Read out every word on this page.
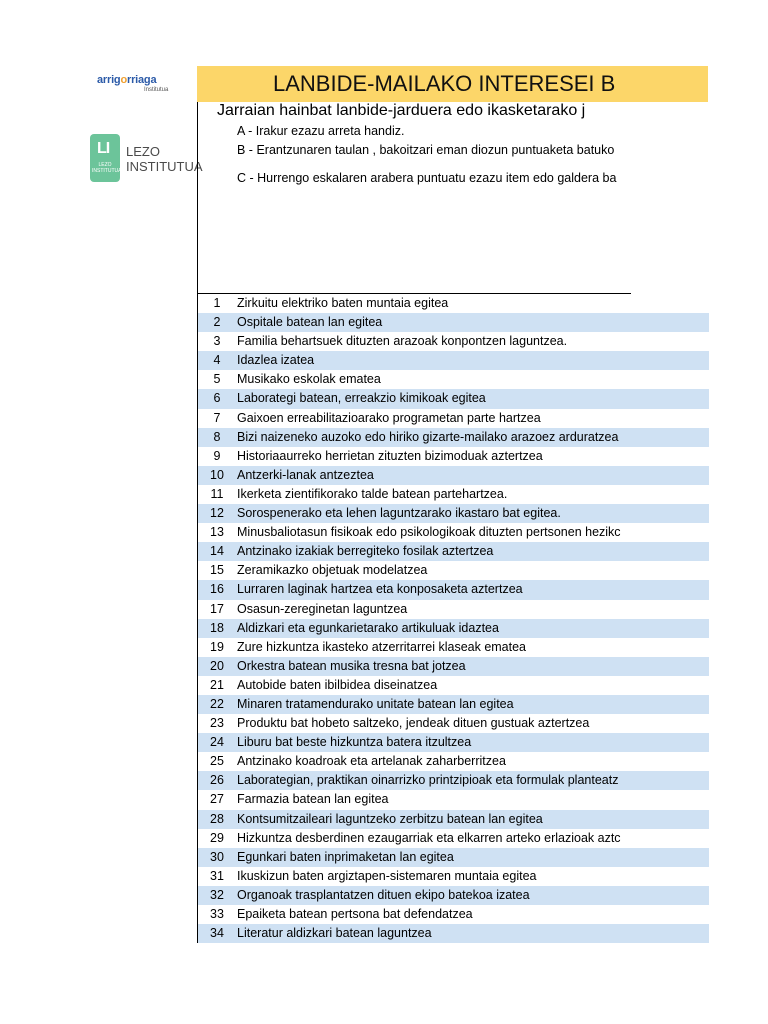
arrigorriaga
Institutua
LI
LEZO INSTITUTUA
LEZO
INSTITUTUA
LANBIDE-MAILAKO INTERESEI B
Jarraian hainbat lanbide-jarduera edo ikasketarako j
A - Irakur ezazu arreta handiz.
B - Erantzunaren taulan , bakoitzari eman diozun puntuaketa batuko
C - Hurrengo eskalaren arabera puntuatu ezazu item edo galdera ba
1	Zirkuitu elektriko baten muntaia egitea
2	Ospitale batean lan egitea
3	Familia behartsuek dituzten arazoak konpontzen laguntzea.
4	Idazlea izatea
5	Musikako eskolak ematea
6	Laborategi batean, erreakzio kimikoak egitea
7	Gaixoen erreabilitazioarako programetan parte hartzea
8	Bizi naizeneko auzoko edo hiriko gizarte-mailako arazoez arduratzea
9	Historiaaurreko herrietan zituzten bizimoduak aztertzea
10	Antzerki-lanak antzeztea
11	Ikerketa zientifikorako talde batean partehartzea.
12	Sorospenerako eta lehen laguntzarako ikastaro bat egitea.
13	Minusbaliotasun fisikoak edo psikologikoak dituzten pertsonen hezikc
14	Antzinako izakiak berregiteko fosilak aztertzea
15	Zeramikazko objetuak modelatzea
16	Lurraren laginak hartzea eta konposaketa aztertzea
17	Osasun-zereginetan laguntzea
18	Aldizkari eta egunkarietarako artikuluak idaztea
19	Zure hizkuntza ikasteko atzerritarrei klaseak ematea
20	Orkestra batean musika tresna bat jotzea
21	Autobide baten ibilbidea diseinatzea
22	Minaren tratamendurako unitate batean lan egitea
23	Produktu bat hobeto saltzeko, jendeak dituen gustuak aztertzea
24	Liburu bat beste hizkuntza batera itzultzea
25	Antzinako koadroak eta artelanak zaharberritzea
26	Laborategian, praktikan oinarrizko printzipioak eta formulak planteatz
27	Farmazia batean lan egitea
28	Kontsumitzaileari laguntzeko zerbitzu batean lan egitea
29	Hizkuntza desberdinen ezaugarriak eta elkarren arteko erlazioak aztc
30	Egunkari baten inprimaketan lan egitea
31	Ikuskizun baten argiztapen-sistemaren muntaia egitea
32	Organoak trasplantatzen dituen ekipo batekoa izatea
33	Epaiketa batean pertsona bat defendatzea
34	Literatur aldizkari batean laguntzea
